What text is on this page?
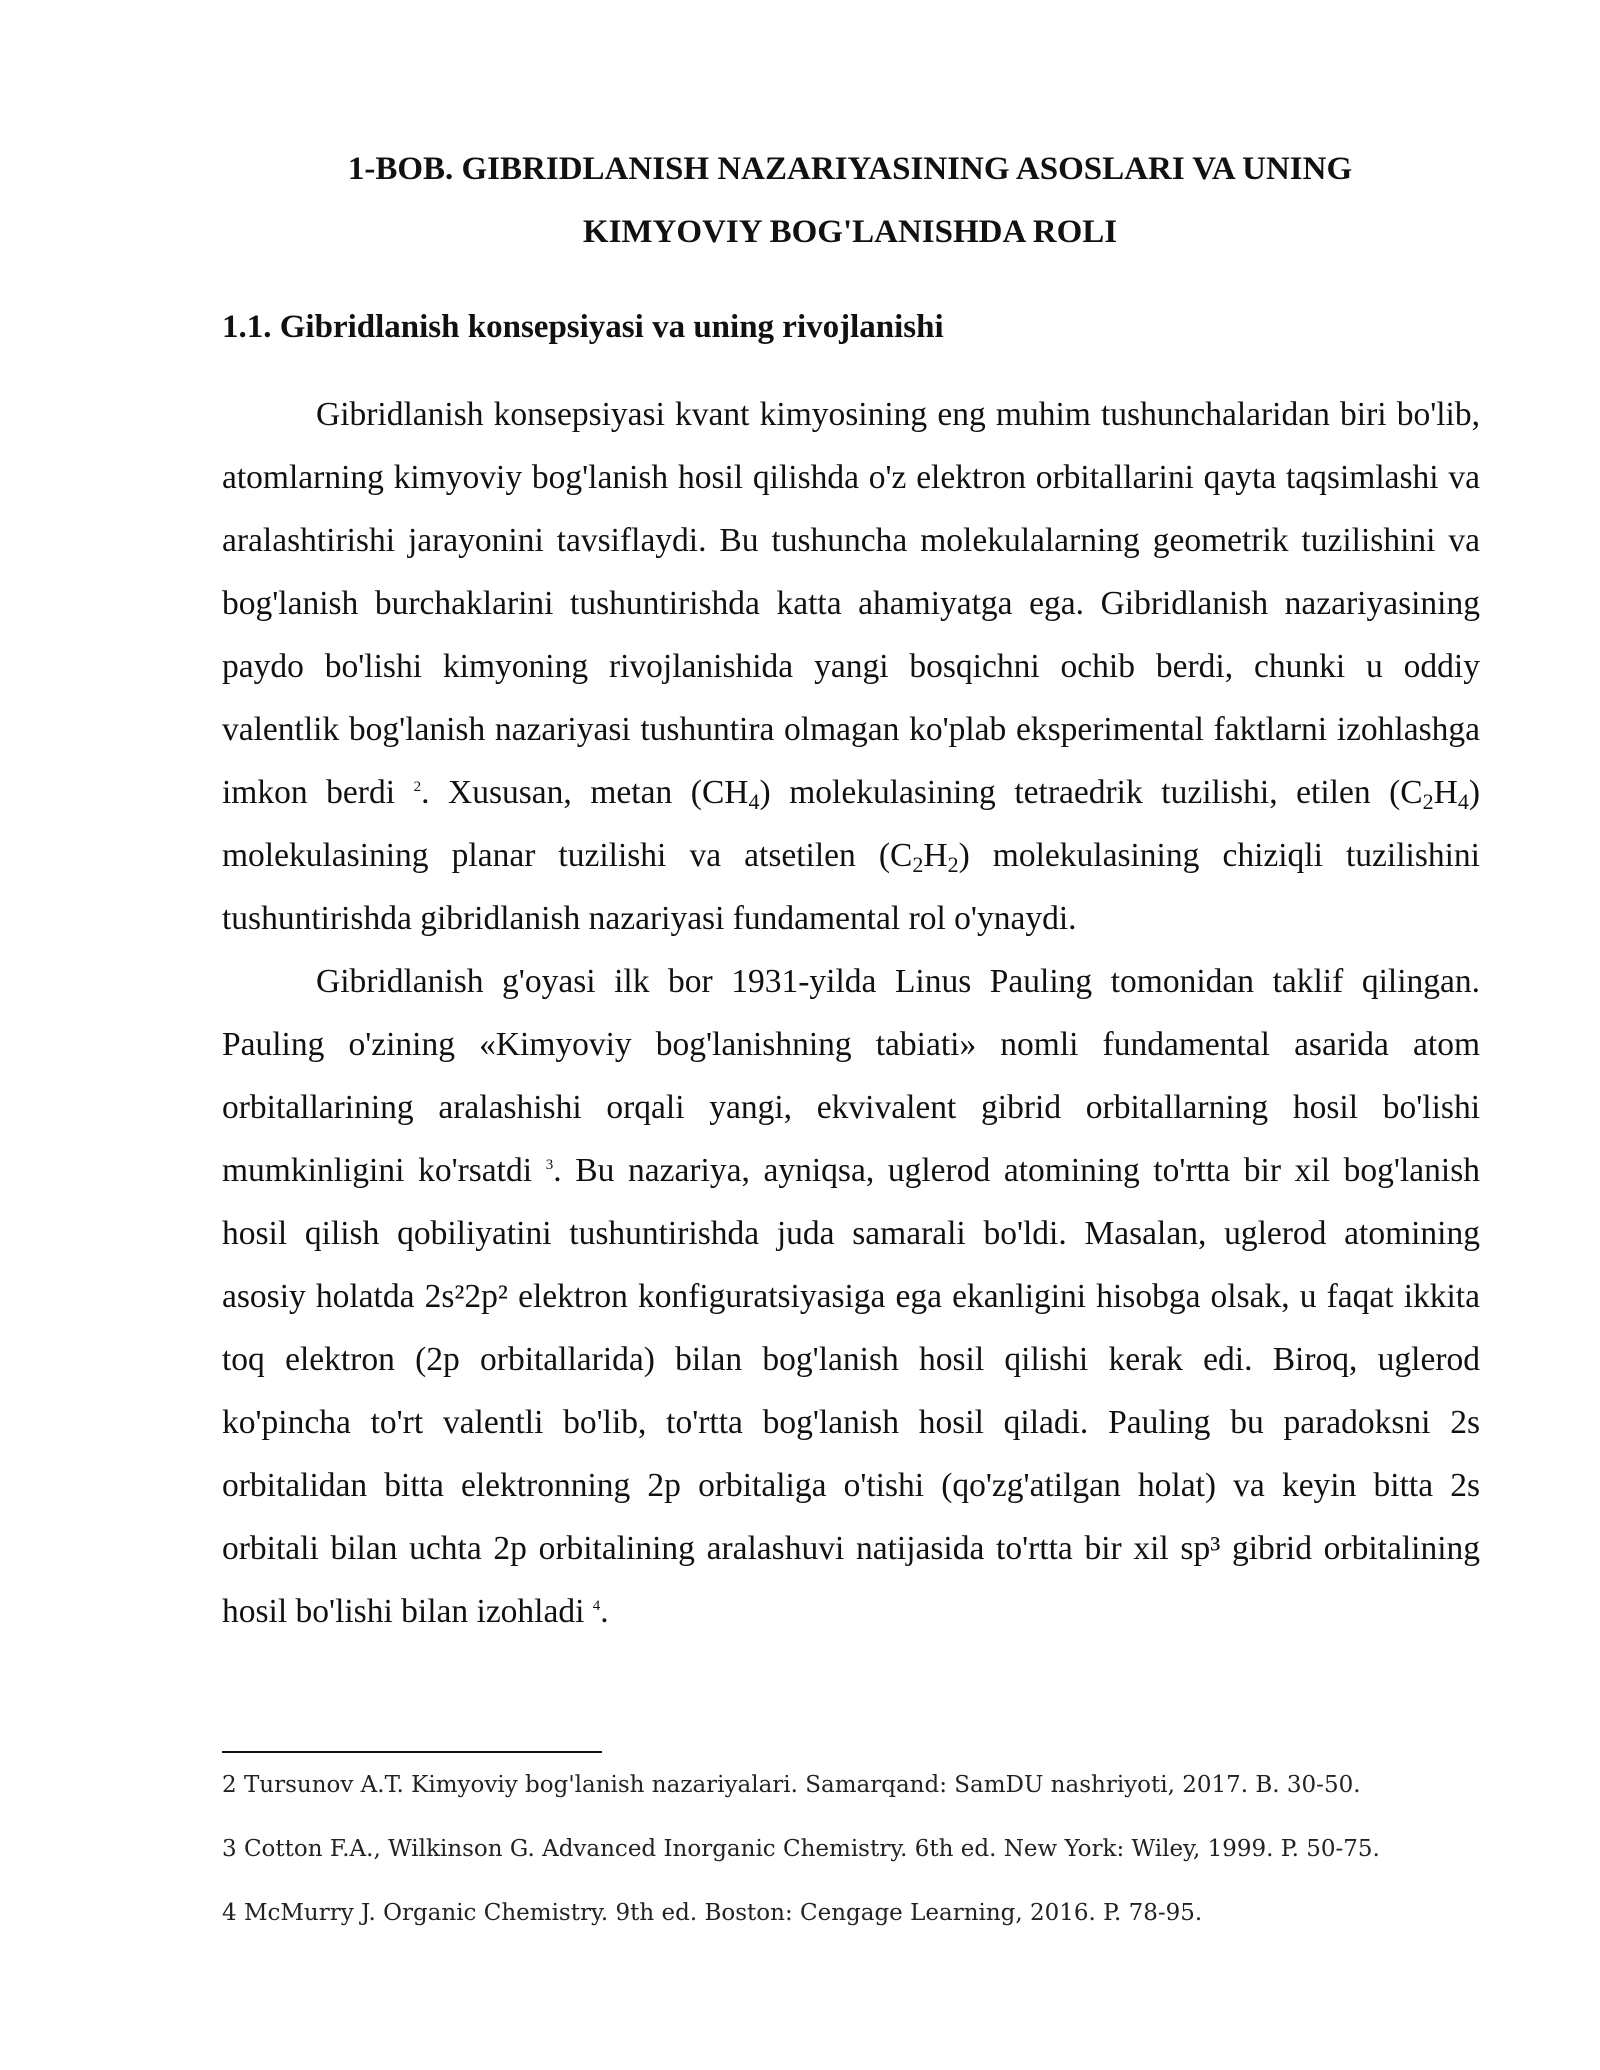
1-BOB. GIBRIDLANISH NAZARIYASINING ASOSLARI VA UNING
KIMYOVIY BOG'LANISHDA ROLI
1.1. Gibridlanish konsepsiyasi va uning rivojlanishi

Gibridlanish konsepsiyasi kvant kimyosining eng muhim tushunchalaridan biri bo'lib, atomlarning kimyoviy bog'lanish hosil qilishda o'z elektron orbitallarini qayta taqsimlashi va aralashtirishi jarayonini tavsiflaydi. Bu tushuncha molekulalarning geometrik tuzilishini va bog'lanish burchaklarini tushuntirishda katta ahamiyatga ega. Gibridlanish nazariyasining paydo bo'lishi kimyoning rivojlanishida yangi bosqichni ochib berdi, chunki u oddiy valentlik bog'lanish nazariyasi tushuntira olmagan ko'plab eksperimental faktlarni izohlashga imkon berdi $^2$. Xususan, metan $(CH_4)$ molekulasining tetraedrik tuzilishi, etilen $(C_2H_4)$ molekulasining planar tuzilishi va atsetilen $(C_2H_2)$ molekulasining chiziqli tuzilishini tushuntirishda gibridlanish nazariyasi fundamental rol o'ynaydi.

Gibridlanish g'oyasi ilk bor 1931-yilda Linus Pauling tomonidan taklif qilingan. Pauling o'zining «Kimyoviy bog'lanishning tabiati» nomli fundamental asarida atom orbitallarining aralashishi orqali yangi, ekvivalent gibrid orbitallarning hosil bo'lishi mumkinligini ko'rsatdi $^3$. Bu nazariya, ayniqsa, uglerod atomining to'rtta bir xil bog'lanish hosil qilish qobiliyatini tushuntirishda juda samarali bo'ldi. Masalan, uglerod atomining asosiy holatda 2s²2p² elektron konfiguratsiyasiga ega ekanligini hisobga olsak, u faqat ikkita toq elektron (2p orbitallarida) bilan bog'lanish hosil qilishi kerak edi. Biroq, uglerod ko'pincha to'rt valentli bo'lib, to'rtta bog'lanish hosil qiladi. Pauling bu paradoksni 2s orbitalidan bitta elektronning 2p orbitaliga o'tishi (qo'zg'atilgan holat) va keyin bitta 2s orbitali bilan uchta 2p orbitalining aralashuvi natijasida to'rtta bir xil sp³ gibrid orbitalining hosil bo'lishi bilan izohladi $^4$.

2 Tursunov A.T. Kimyoviy bog'lanish nazariyalari. Samarqand: SamDU nashriyoti, 2017. B. 30-50.

3 Cotton F.A., Wilkinson G. Advanced Inorganic Chemistry. 6th ed. New York: Wiley, 1999. P. 50-75.

4 McMurry J. Organic Chemistry. 9th ed. Boston: Cengage Learning, 2016. P. 78-95.
